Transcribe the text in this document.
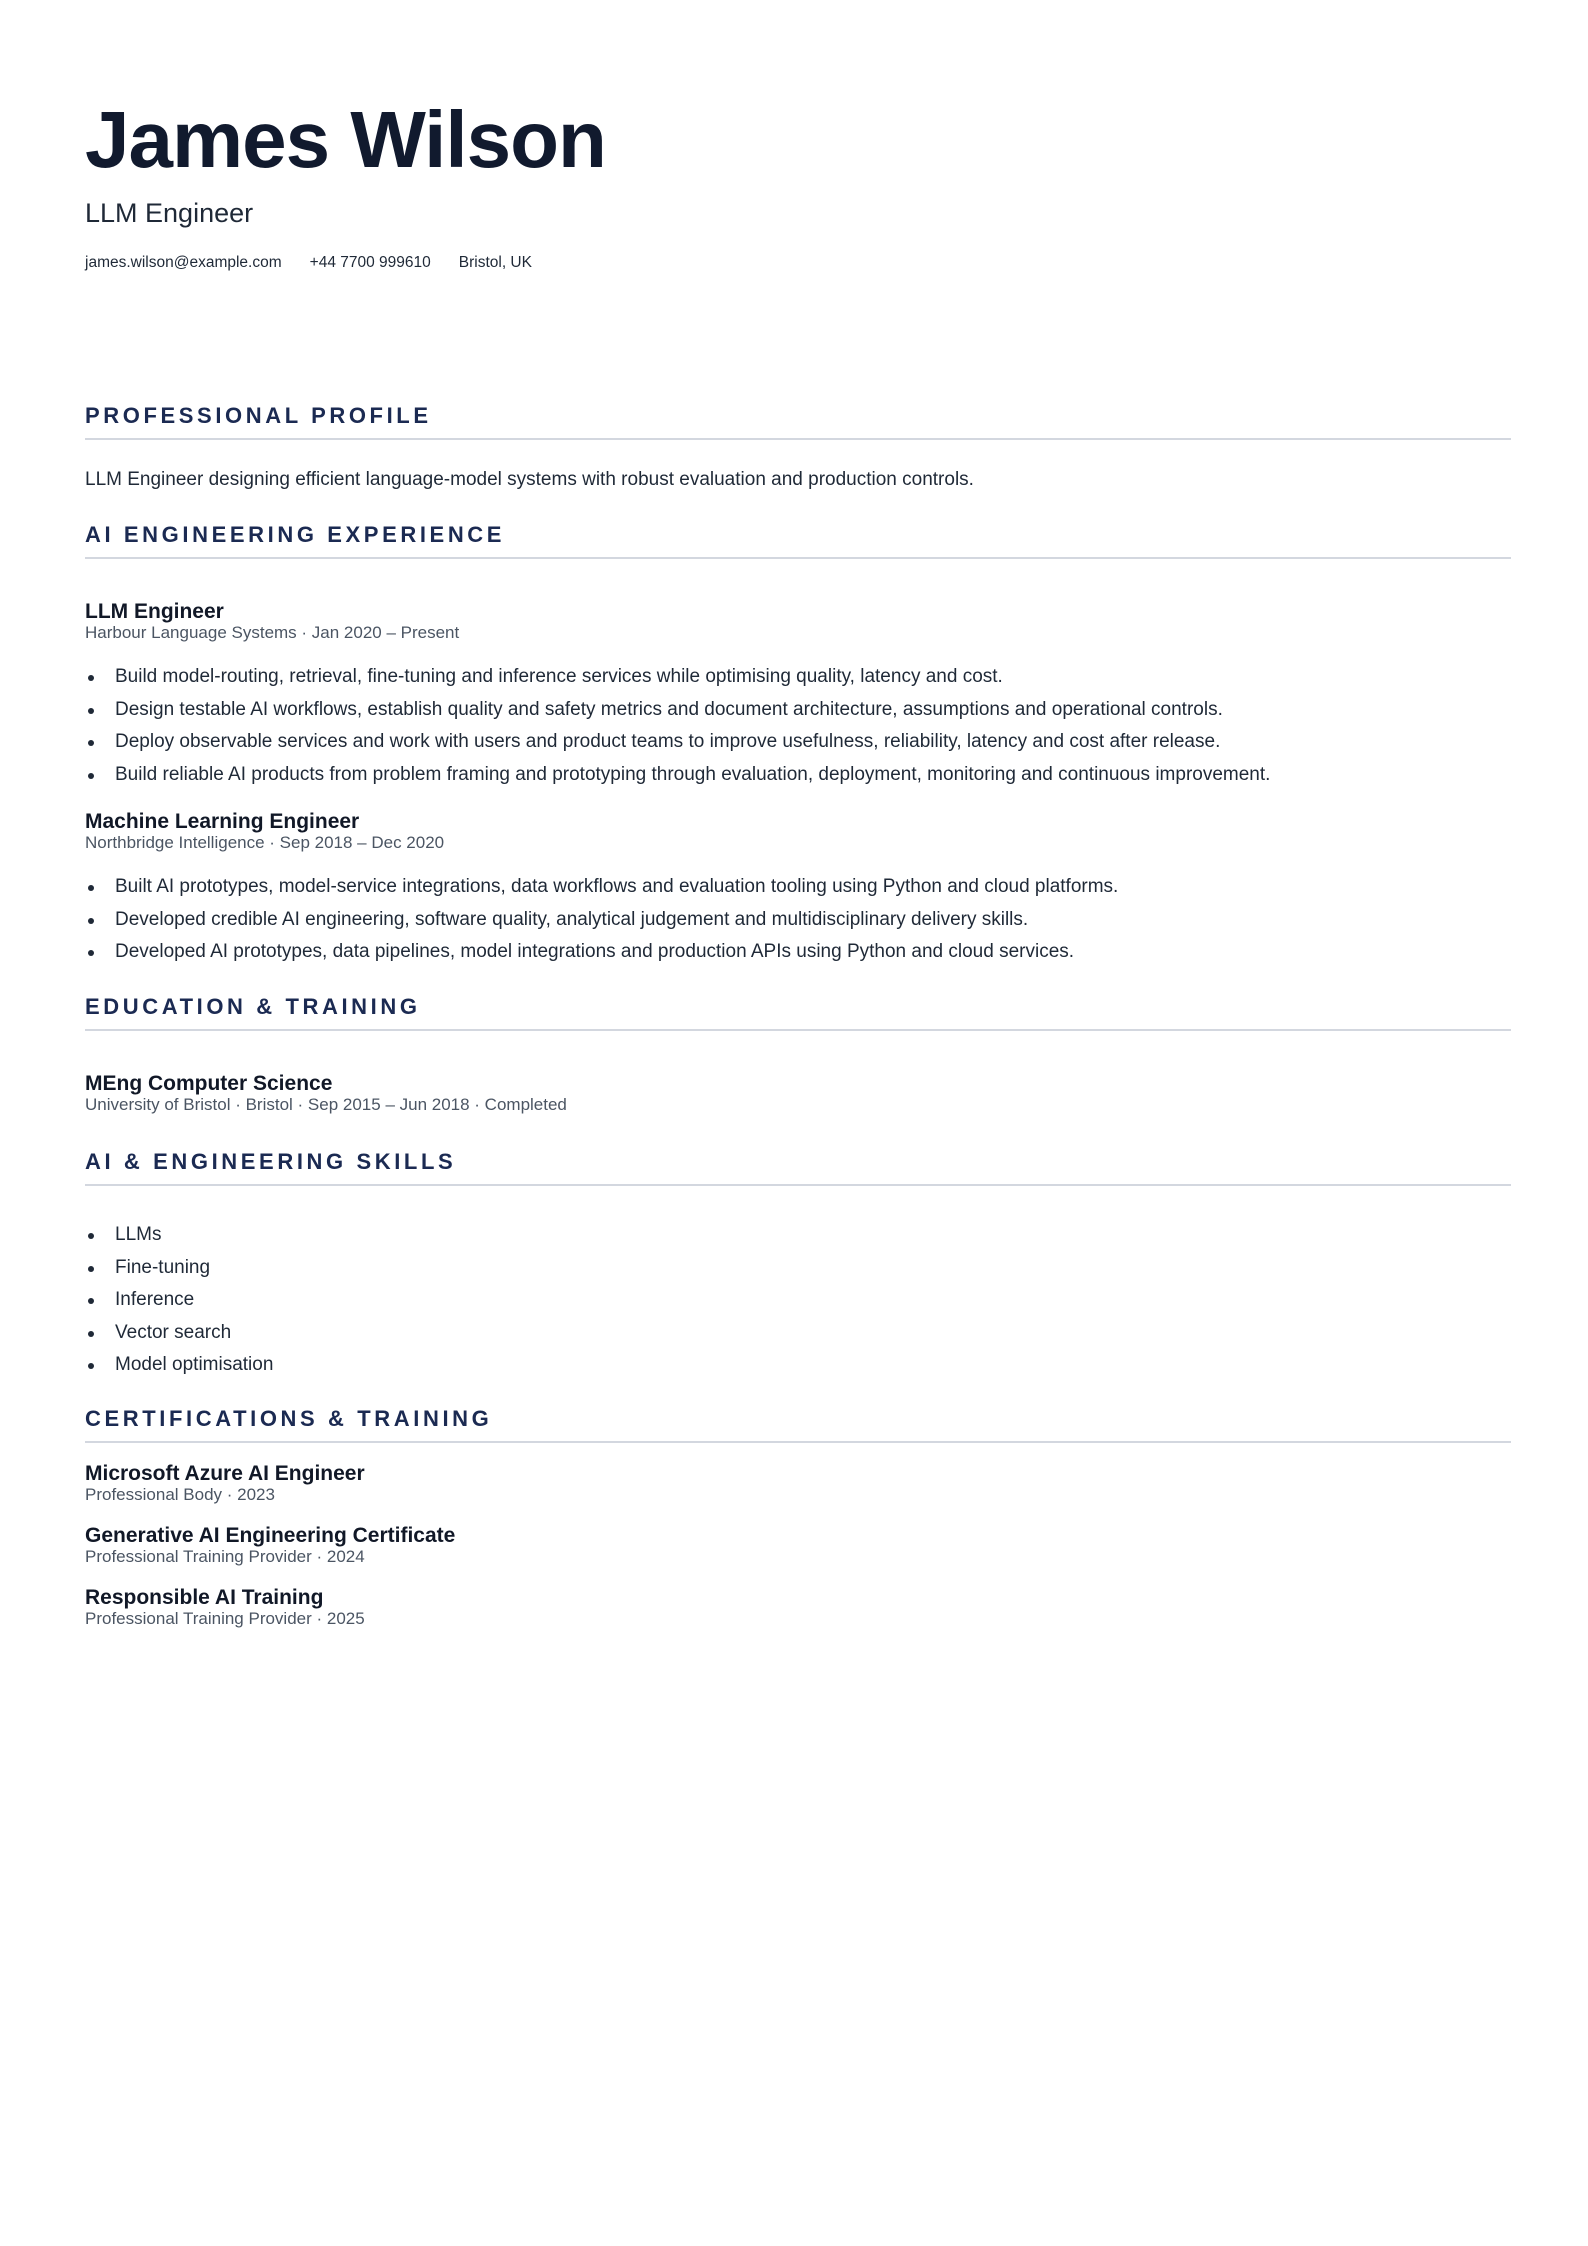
James Wilson

LLM Engineer

james.wilson@example.com +44 7700 999610 Bristol, UK
PROFESSIONAL PROFILE

LLM Engineer designing efficient language-model systems with robust evaluation and production controls.

AI ENGINEERING EXPERIENCE

LLM Engineer

Harbour Language Systems · Jan 2020 – Present

Build model-routing, retrieval, fine-tuning and inference services while optimising quality, latency and cost.
Design testable AI workflows, establish quality and safety metrics and document architecture, assumptions and operational controls.
Deploy observable services and work with users and product teams to improve usefulness, reliability, latency and cost after release.
Build reliable AI products from problem framing and prototyping through evaluation, deployment, monitoring and continuous improvement.

Machine Learning Engineer

Northbridge Intelligence · Sep 2018 – Dec 2020

Built AI prototypes, model-service integrations, data workflows and evaluation tooling using Python and cloud platforms.
Developed credible AI engineering, software quality, analytical judgement and multidisciplinary delivery skills.
Developed AI prototypes, data pipelines, model integrations and production APIs using Python and cloud services.
EDUCATION & TRAINING

MEng Computer Science

University of Bristol · Bristol · Sep 2015 – Jun 2018 · Completed

AI & ENGINEERING SKILLS
LLMs
Fine-tuning
Inference
Vector search
Model optimisation
CERTIFICATIONS & TRAINING

Microsoft Azure AI Engineer

Professional Body · 2023

Generative AI Engineering Certificate

Professional Training Provider · 2024

Responsible AI Training

Professional Training Provider · 2025
